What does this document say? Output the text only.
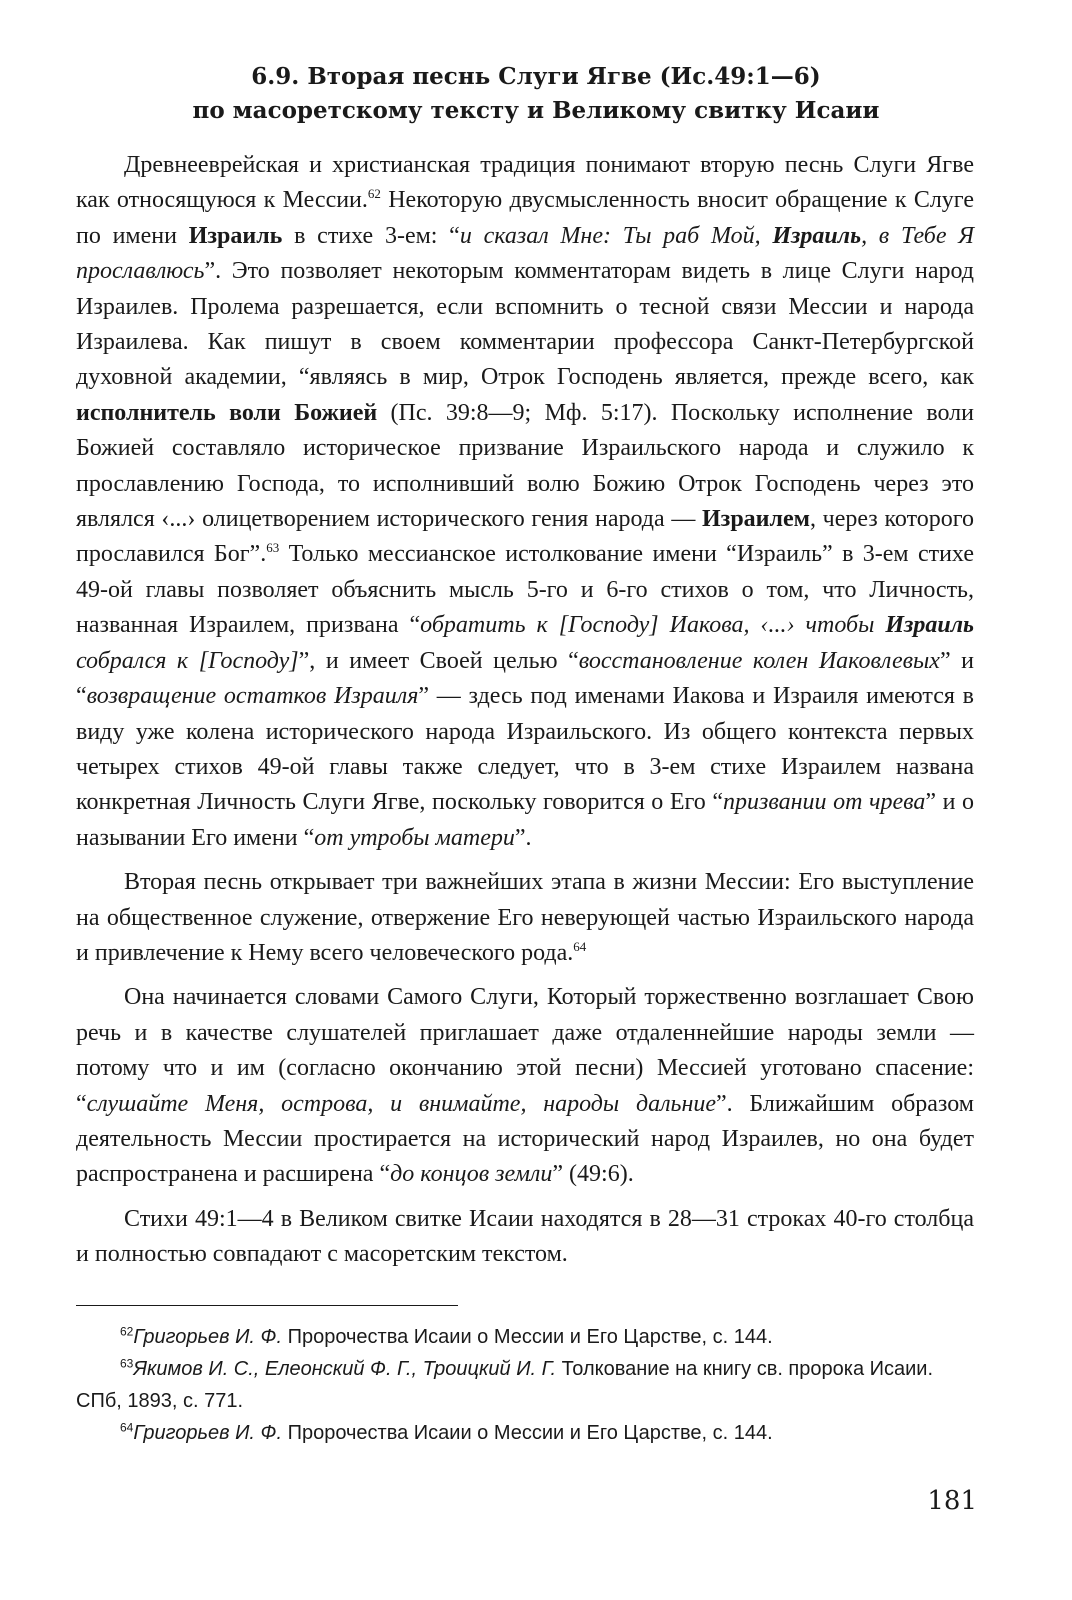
6.9. Вторая песнь Слуги Ягве (Ис.49:1—6)
по масоретскому тексту и Великому свитку Исаии

Древнееврейская и христианская традиция понимают вторую песнь Слуги Ягве как относящуюся к Мессии.$^{62}$ Некоторую двусмысленность вносит обращение к Слуге по имени Израиль в стихе 3-ем: “и сказал Мне: Ты раб Мой, Израиль, в Тебе Я прославлюсь”. Это позволяет некоторым комментаторам видеть в лице Слуги народ Израилев. Пролема разрешается, если вспомнить о тесной связи Мессии и народа Израилева. Как пишут в своем комментарии профессора Санкт-Петербургской духовной академии, “являясь в мир, Отрок Господень является, прежде всего, как исполнитель воли Божией (Пс. 39:8—9; Мф. 5:17). Поскольку исполнение воли Божией составляло историческое призвание Израильского народа и служило к прославлению Господа, то исполнивший волю Божию Отрок Господень через это являлся ‹...› олицетворением исторического гения народа — Израилем, через которого прославился Бог”.$^{63}$ Только мессианское истолкование имени “Израиль” в 3-ем стихе 49-ой главы позволяет объяснить мысль 5-го и 6-го стихов о том, что Личность, названная Израилем, призвана “обратить к [Господу] Иакова, ‹...› чтобы Израиль собрался к [Господу]”, и имеет Своей целью “восстановление колен Иаковлевых” и “возвращение остатков Израиля” — здесь под именами Иакова и Израиля имеются в виду уже колена исторического народа Израильского. Из общего контекста первых четырех стихов 49-ой главы также следует, что в 3-ем стихе Израилем названа конкретная Личность Слуги Ягве, поскольку говорится о Его “призвании от чрева” и о назывании Его имени “от утробы матери”.

Вторая песнь открывает три важнейших этапа в жизни Мессии: Его выступление на общественное служение, отвержение Его неверующей частью Израильского народа и привлечение к Нему всего человеческого рода.$^{64}$

Она начинается словами Самого Слуги, Который торжественно возглашает Свою речь и в качестве слушателей приглашает даже отдаленнейшие народы земли — потому что и им (согласно окончанию этой песни) Мессией уготовано спасение: “слушайте Меня, острова, и внимайте, народы дальние”. Ближайшим образом деятельность Мессии простирается на исторический народ Израилев, но она будет распространена и расширена “до концов земли” (49:6).

Стихи 49:1—4 в Великом свитке Исаии находятся в 28—31 строках 40-го столбца и полностью совпадают с масоретским текстом.

$^{62}$Григорьев И. Ф. Пророчества Исаии о Мессии и Его Царстве, с. 144.

$^{63}$Якимов И. С., Елеонский Ф. Г., Троицкий И. Г. Толкование на книгу св. пророка Исаии. СПб, 1893, с. 771.

$^{64}$Григорьев И. Ф. Пророчества Исаии о Мессии и Его Царстве, с. 144.

181
